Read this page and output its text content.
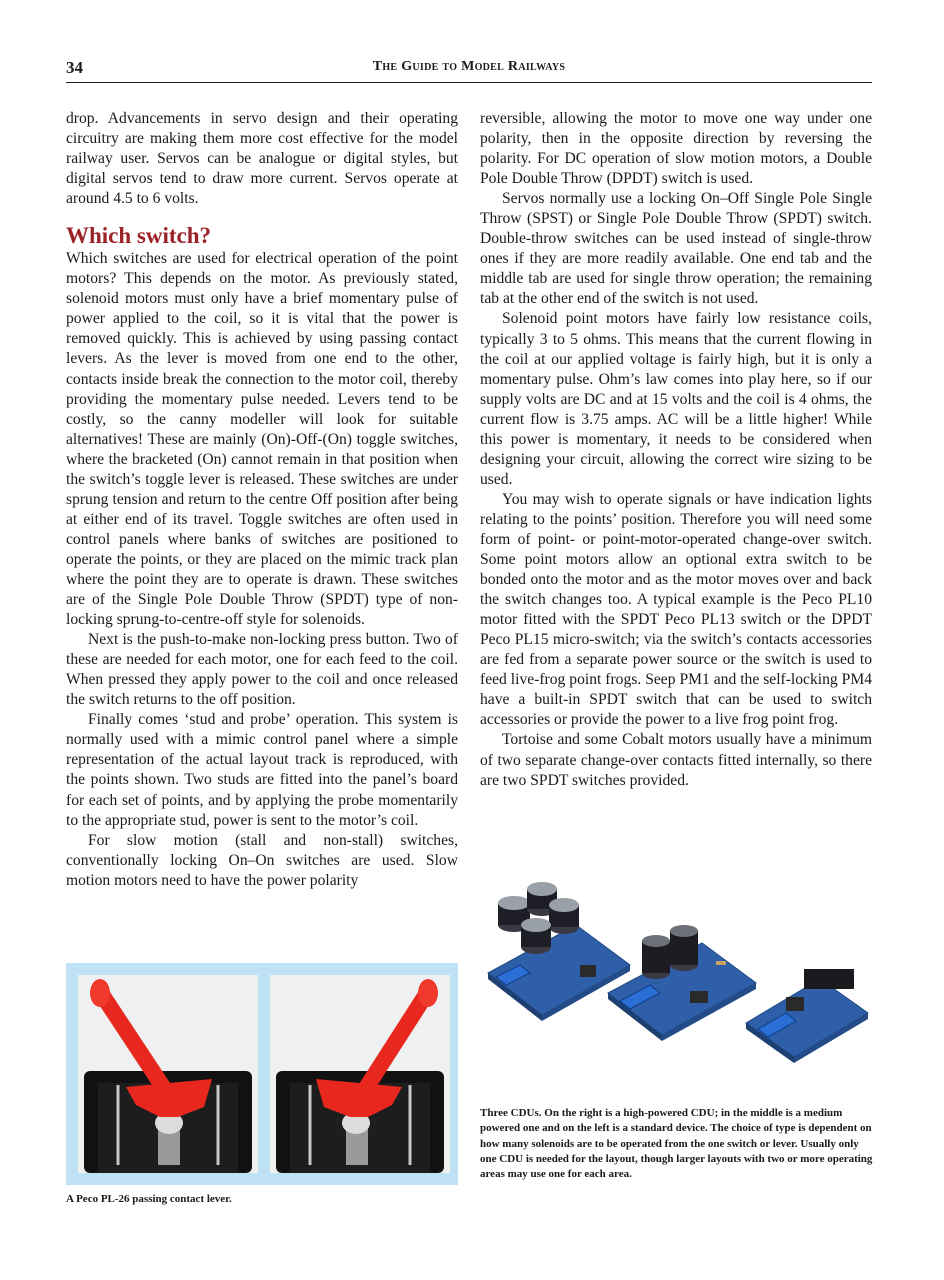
34	The Guide to Model Railways

drop. Advancements in servo design and their operating circuitry are making them more cost effective for the model railway user. Servos can be analogue or digital styles, but digital servos tend to draw more current. Servos operate at around 4.5 to 6 volts.

Which switch?

Which switches are used for electrical operation of the point motors? This depends on the motor. As previously stated, solenoid motors must only have a brief momentary pulse of power applied to the coil, so it is vital that the power is removed quickly. This is achieved by using passing contact levers. As the lever is moved from one end to the other, contacts inside break the connection to the motor coil, thereby providing the momentary pulse needed. Levers tend to be costly, so the canny modeller will look for suitable alternatives! These are mainly (On)-Off-(On) toggle switches, where the bracketed (On) cannot remain in that position when the switch’s toggle lever is released. These switches are under sprung tension and return to the centre Off position after being at either end of its travel. Toggle switches are often used in control panels where banks of switches are positioned to operate the points, or they are placed on the mimic track plan where the point they are to operate is drawn. These switches are of the Single Pole Double Throw (SPDT) type of non-locking sprung-to-centre-off style for solenoids.

Next is the push-to-make non-locking press button. Two of these are needed for each motor, one for each feed to the coil. When pressed they apply power to the coil and once released the switch returns to the off position.

Finally comes ‘stud and probe’ operation. This system is normally used with a mimic control panel where a simple representation of the actual layout track is reproduced, with the points shown. Two studs are fitted into the panel’s board for each set of points, and by applying the probe momentarily to the appropriate stud, power is sent to the motor’s coil.

For slow motion (stall and non-stall) switches, conventionally locking On–On switches are used. Slow motion motors need to have the power polarity

reversible, allowing the motor to move one way under one polarity, then in the opposite direction by reversing the polarity. For DC operation of slow motion motors, a Double Pole Double Throw (DPDT) switch is used.

Servos normally use a locking On–Off Single Pole Single Throw (SPST) or Single Pole Double Throw (SPDT) switch. Double-throw switches can be used instead of single-throw ones if they are more readily available. One end tab and the middle tab are used for single throw operation; the remaining tab at the other end of the switch is not used.

Solenoid point motors have fairly low resistance coils, typically 3 to 5 ohms. This means that the current flowing in the coil at our applied voltage is fairly high, but it is only a momentary pulse. Ohm’s law comes into play here, so if our supply volts are DC and at 15 volts and the coil is 4 ohms, the current flow is 3.75 amps. AC will be a little higher! While this power is momentary, it needs to be considered when designing your circuit, allowing the correct wire sizing to be used.

You may wish to operate signals or have indication lights relating to the points’ position. Therefore you will need some form of point- or point-motor-operated change-over switch. Some point motors allow an optional extra switch to be bonded onto the motor and as the motor moves over and back the switch changes too. A typical example is the Peco PL10 motor fitted with the SPDT Peco PL13 switch or the DPDT Peco PL15 micro-switch; via the switch’s contacts accessories are fed from a separate power source or the switch is used to feed live-frog point frogs. Seep PM1 and the self-locking PM4 have a built-in SPDT switch that can be used to switch accessories or provide the power to a live frog point frog.

Tortoise and some Cobalt motors usually have a minimum of two separate change-over contacts fitted internally, so there are two SPDT switches provided.

Three CDUs. On the right is a high-powered CDU; in the middle is a medium powered one and on the left is a standard device. The choice of type is dependent on how many solenoids are to be operated from the one switch or lever. Usually only one CDU is needed for the layout, though larger layouts with two or more operating areas may use one for each area.
A Peco PL-26 passing contact lever.
